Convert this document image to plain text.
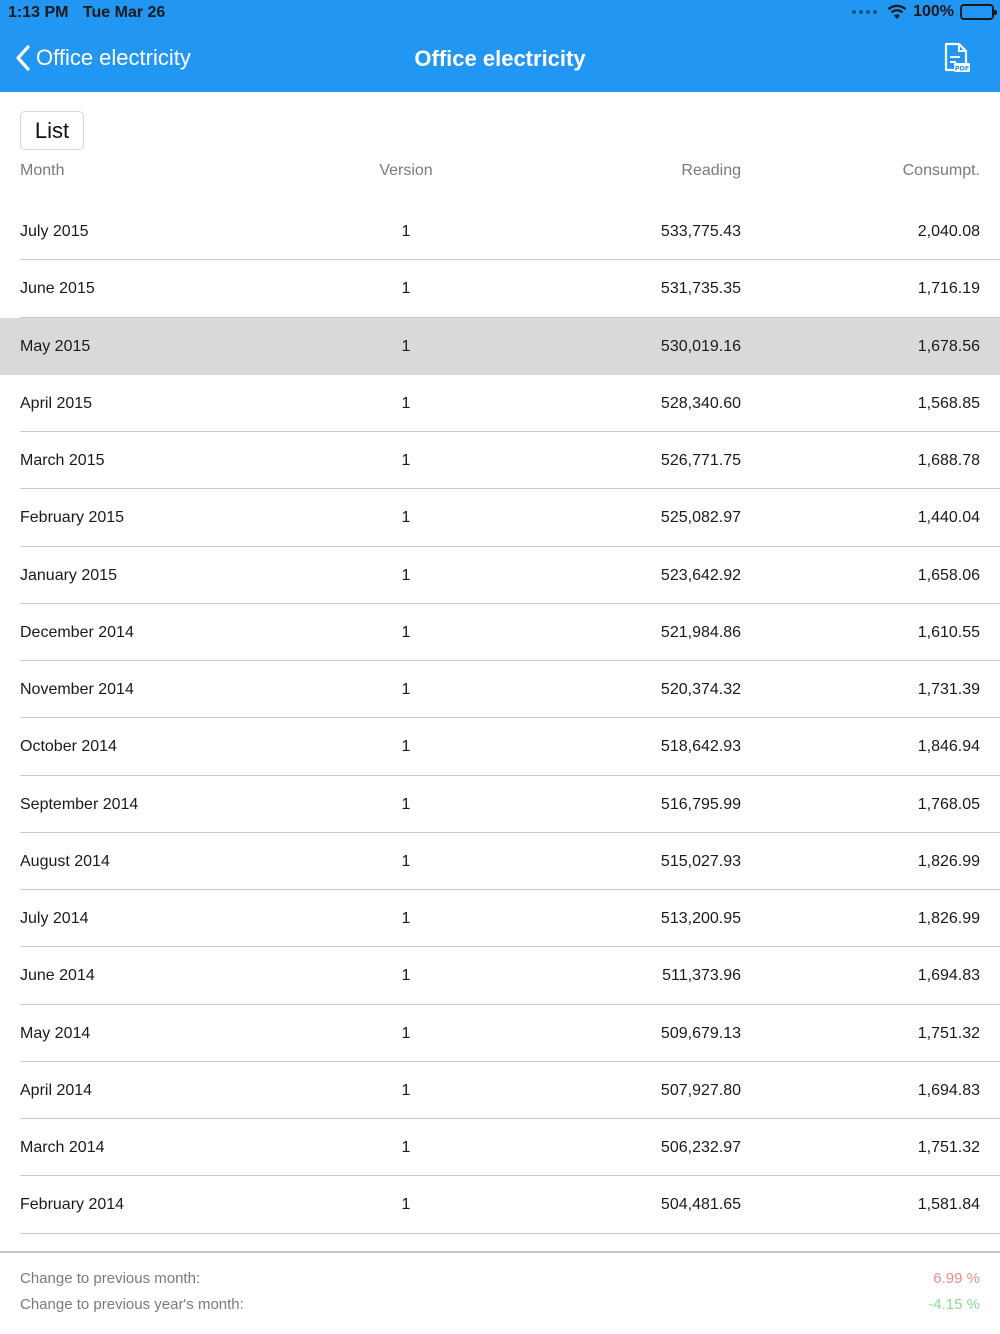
1:13 PM Tue Mar 26	100%
Office electricity	Office electricity	PDF
List
Month	Version	Reading	Consumpt.
July 2015	1	533,775.43	2,040.08
June 2015	1	531,735.35	1,716.19
May 2015	1	530,019.16	1,678.56
April 2015	1	528,340.60	1,568.85
March 2015	1	526,771.75	1,688.78
February 2015	1	525,082.97	1,440.04
January 2015	1	523,642.92	1,658.06
December 2014	1	521,984.86	1,610.55
November 2014	1	520,374.32	1,731.39
October 2014	1	518,642.93	1,846.94
September 2014	1	516,795.99	1,768.05
August 2014	1	515,027.93	1,826.99
July 2014	1	513,200.95	1,826.99
June 2014	1	511,373.96	1,694.83
May 2014	1	509,679.13	1,751.32
April 2014	1	507,927.80	1,694.83
March 2014	1	506,232.97	1,751.32
February 2014	1	504,481.65	1,581.84
Change to previous month:	6.99 %
Change to previous year's month:	-4.15 %
